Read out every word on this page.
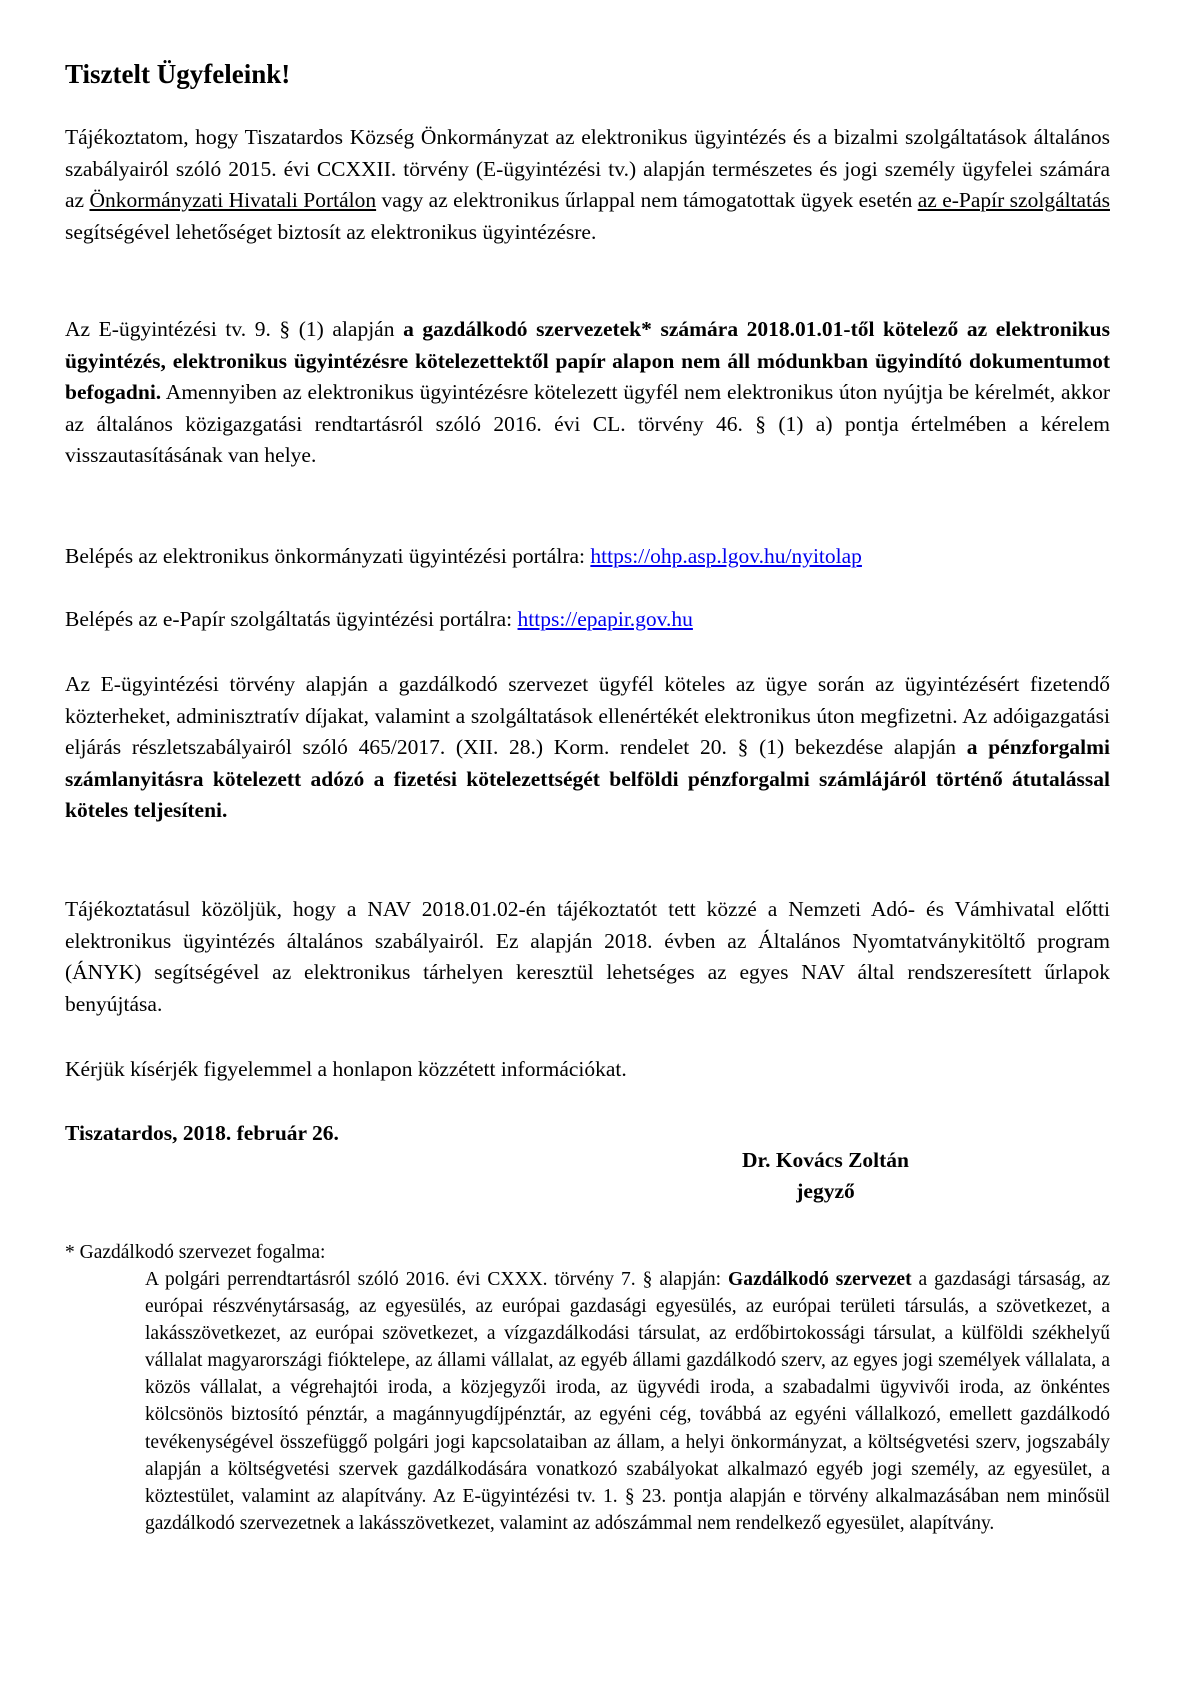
Tisztelt Ügyfeleink!

Tájékoztatom, hogy Tiszatardos Község Önkormányzat az elektronikus ügyintézés és a bizalmi szolgáltatások általános szabályairól szóló 2015. évi CCXXII. törvény (E-ügyintézési tv.) alapján természetes és jogi személy ügyfelei számára az Önkormányzati Hivatali Portálon vagy az elektronikus űrlappal nem támogatottak ügyek esetén az e-Papír szolgáltatás segítségével lehetőséget biztosít az elektronikus ügyintézésre.

Az E-ügyintézési tv. 9. § (1) alapján a gazdálkodó szervezetek* számára 2018.01.01-től kötelező az elektronikus ügyintézés, elektronikus ügyintézésre kötelezettektől papír alapon nem áll módunkban ügyindító dokumentumot befogadni. Amennyiben az elektronikus ügyintézésre kötelezett ügyfél nem elektronikus úton nyújtja be kérelmét, akkor az általános közigazgatási rendtartásról szóló 2016. évi CL. törvény 46. § (1) a) pontja értelmében a kérelem visszautasításának van helye.

Belépés az elektronikus önkormányzati ügyintézési portálra: https://ohp.asp.lgov.hu/nyitolap

Belépés az e-Papír szolgáltatás ügyintézési portálra: https://epapir.gov.hu

Az E-ügyintézési törvény alapján a gazdálkodó szervezet ügyfél köteles az ügye során az ügyintézésért fizetendő közterheket, adminisztratív díjakat, valamint a szolgáltatások ellenértékét elektronikus úton megfizetni. Az adóigazgatási eljárás részletszabályairól szóló 465/2017. (XII. 28.) Korm. rendelet 20. § (1) bekezdése alapján a pénzforgalmi számlanyitásra kötelezett adózó a fizetési kötelezettségét belföldi pénzforgalmi számlájáról történő átutalással köteles teljesíteni.

Tájékoztatásul közöljük, hogy a NAV 2018.01.02-én tájékoztatót tett közzé a Nemzeti Adó- és Vámhivatal előtti elektronikus ügyintézés általános szabályairól. Ez alapján 2018. évben az Általános Nyomtatványkitöltő program (ÁNYK) segítségével az elektronikus tárhelyen keresztül lehetséges az egyes NAV által rendszeresített űrlapok benyújtása.

Kérjük kísérjék figyelemmel a honlapon közzétett információkat.

Tiszatardos, 2018. február 26.

Dr. Kovács Zoltán
jegyző

* Gazdálkodó szervezet fogalma:

A polgári perrendtartásról szóló 2016. évi CXXX. törvény 7. § alapján: Gazdálkodó szervezet a gazdasági társaság, az európai részvénytársaság, az egyesülés, az európai gazdasági egyesülés, az európai területi társulás, a szövetkezet, a lakásszövetkezet, az európai szövetkezet, a vízgazdálkodási társulat, az erdőbirtokossági társulat, a külföldi székhelyű vállalat magyarországi fióktelepe, az állami vállalat, az egyéb állami gazdálkodó szerv, az egyes jogi személyek vállalata, a közös vállalat, a végrehajtói iroda, a közjegyzői iroda, az ügyvédi iroda, a szabadalmi ügyvivői iroda, az önkéntes kölcsönös biztosító pénztár, a magánnyugdíjpénztár, az egyéni cég, továbbá az egyéni vállalkozó, emellett gazdálkodó tevékenységével összefüggő polgári jogi kapcsolataiban az állam, a helyi önkormányzat, a költségvetési szerv, jogszabály alapján a költségvetési szervek gazdálkodására vonatkozó szabályokat alkalmazó egyéb jogi személy, az egyesület, a köztestület, valamint az alapítvány. Az E-ügyintézési tv. 1. § 23. pontja alapján e törvény alkalmazásában nem minősül gazdálkodó szervezetnek a lakásszövetkezet, valamint az adószámmal nem rendelkező egyesület, alapítvány.
